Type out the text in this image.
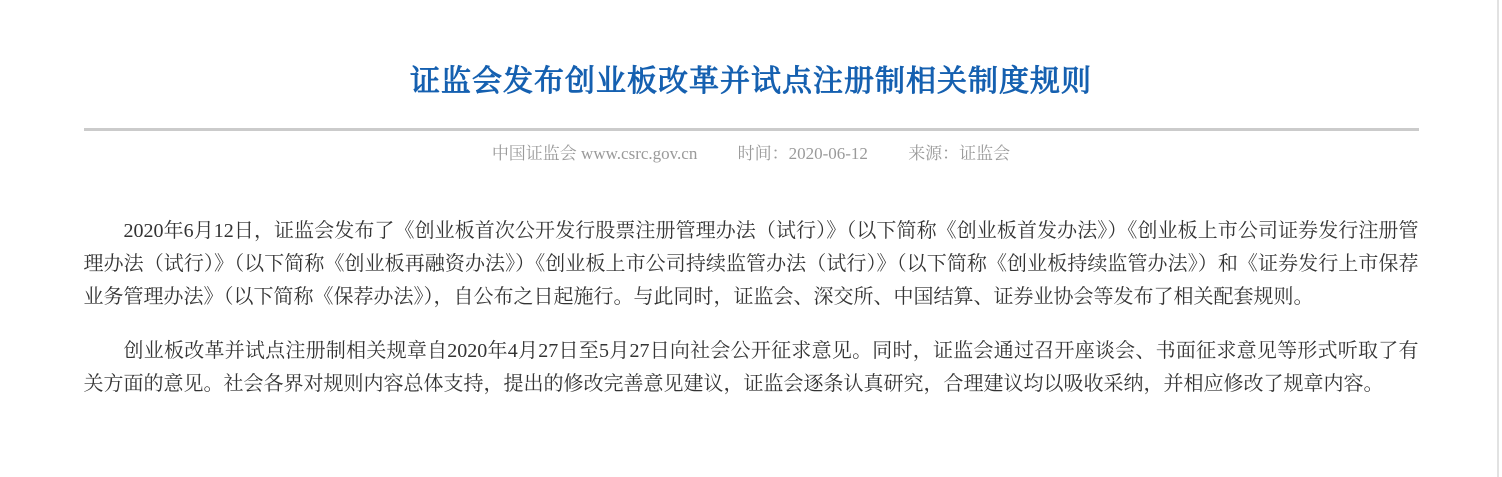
证监会发布创业板改革并试点注册制相关制度规则
中国证监会 www.csrc.gov.cn 时间：2020-06-12 来源：证监会

2020年6月12日，证监会发布了《创业板首次公开发行股票注册管理办法（试行）》（以下简称《创业板首发办法》）《创业板上市公司证券发行注册管理办法（试行）》（以下简称《创业板再融资办法》）《创业板上市公司持续监管办法（试行）》（以下简称《创业板持续监管办法》）和《证券发行上市保荐业务管理办法》（以下简称《保荐办法》），自公布之日起施行。与此同时，证监会、深交所、中国结算、证券业协会等发布了相关配套规则。

创业板改革并试点注册制相关规章自2020年4月27日至5月27日向社会公开征求意见。同时，证监会通过召开座谈会、书面征求意见等形式听取了有关方面的意见。社会各界对规则内容总体支持，提出的修改完善意见建议，证监会逐条认真研究，合理建议均以吸收采纳，并相应修改了规章内容。
